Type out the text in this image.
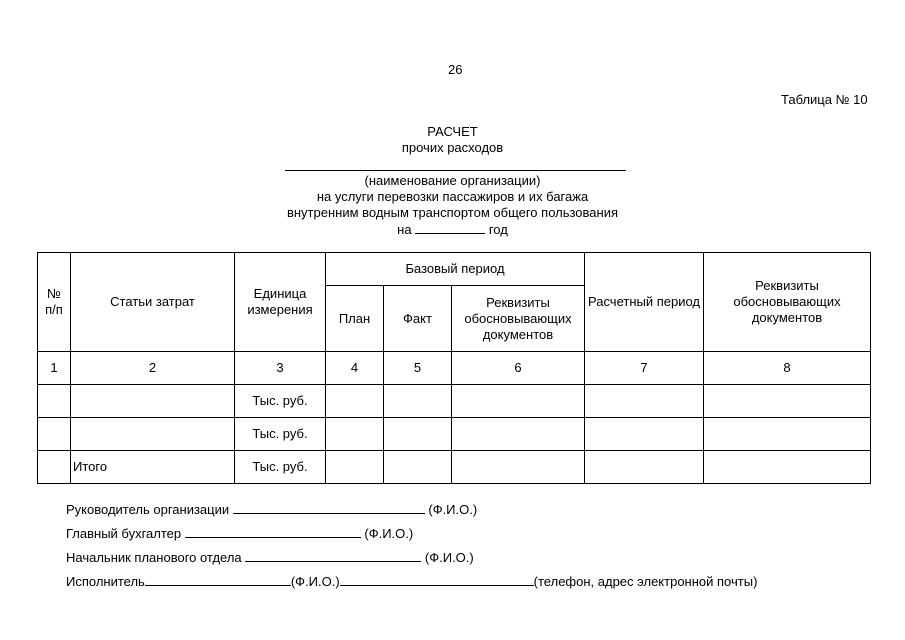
26
Таблица № 10
РАСЧЕТ
прочих расходов
(наименование организации)
на услуги перевозки пассажиров и их багажа
внутренним водным транспортом общего пользования
на	год
№ п/п	Статьи затрат	Единица измерения	Базовый период			Расчетный период	Реквизиты обосновывающих документов
			План	Факт	Реквизиты обосновывающих документов		
1	2	3	4	5	6	7	8
		Тыс. руб.					
		Тыс. руб.					
	Итого	Тыс. руб.					
Руководитель организации	(Ф.И.О.)
Главный бухгалтер	(Ф.И.О.)
Начальник планового отдела	(Ф.И.О.)
Исполнитель	(Ф.И.О.)	(телефон, адрес электронной почты)
